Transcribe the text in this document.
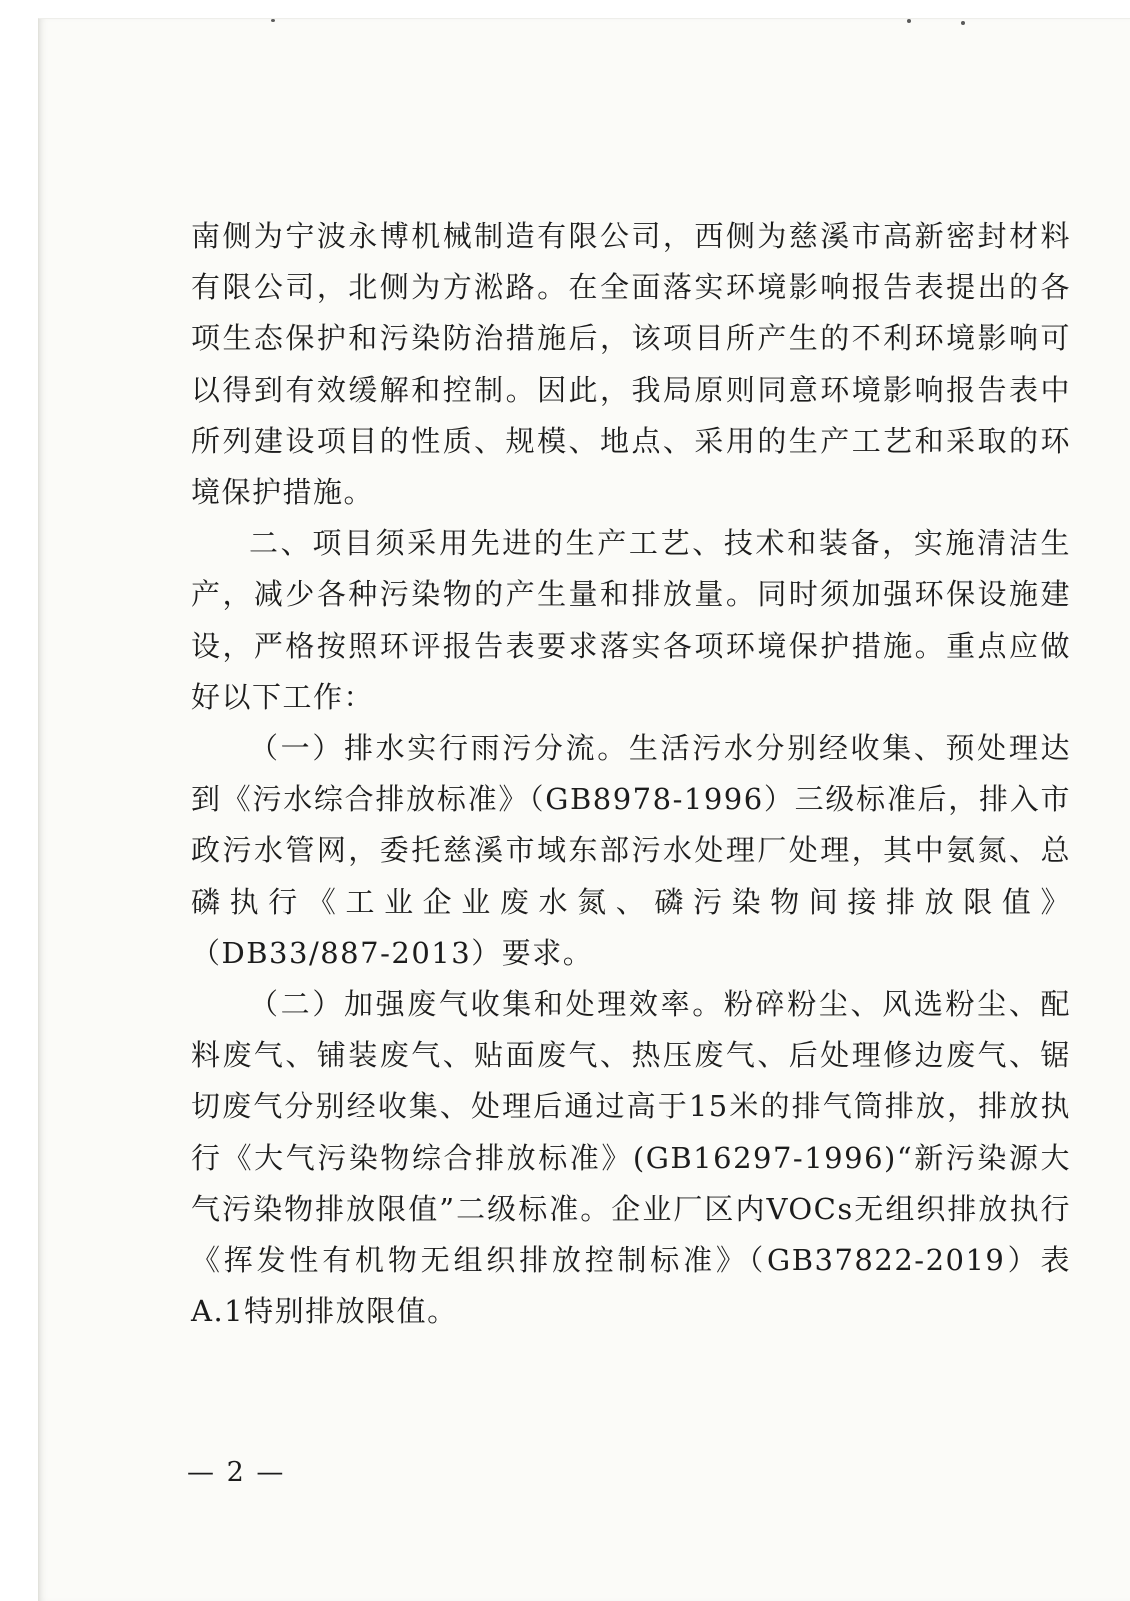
南侧为宁波永博机械制造有限公司，西侧为慈溪市高新密封材料有限公司，北侧为方淞路。在全面落实环境影响报告表提出的各项生态保护和污染防治措施后，该项目所产生的不利环境影响可以得到有效缓解和控制。因此，我局原则同意环境影响报告表中所列建设项目的性质、规模、地点、采用的生产工艺和采取的环境保护措施。

二、项目须采用先进的生产工艺、技术和装备，实施清洁生产，减少各种污染物的产生量和排放量。同时须加强环保设施建设，严格按照环评报告表要求落实各项环境保护措施。重点应做好以下工作：

（一）排水实行雨污分流。生活污水分别经收集、预处理达到《污水综合排放标准》（GB8978-1996）三级标准后，排入市政污水管网，委托慈溪市域东部污水处理厂处理，其中氨氮、总磷执行《工业企业废水氮、磷污染物间接排放限值》（DB33/887-2013）要求。

（二）加强废气收集和处理效率。粉碎粉尘、风选粉尘、配料废气、铺装废气、贴面废气、热压废气、后处理修边废气、锯切废气分别经收集、处理后通过高于15米的排气筒排放，排放执行《大气污染物综合排放标准》(GB16297-1996)“新污染源大气污染物排放限值”二级标准。企业厂区内VOCs无组织排放执行《挥发性有机物无组织排放控制标准》（GB37822-2019）表A.1特别排放限值。

— 2 —
